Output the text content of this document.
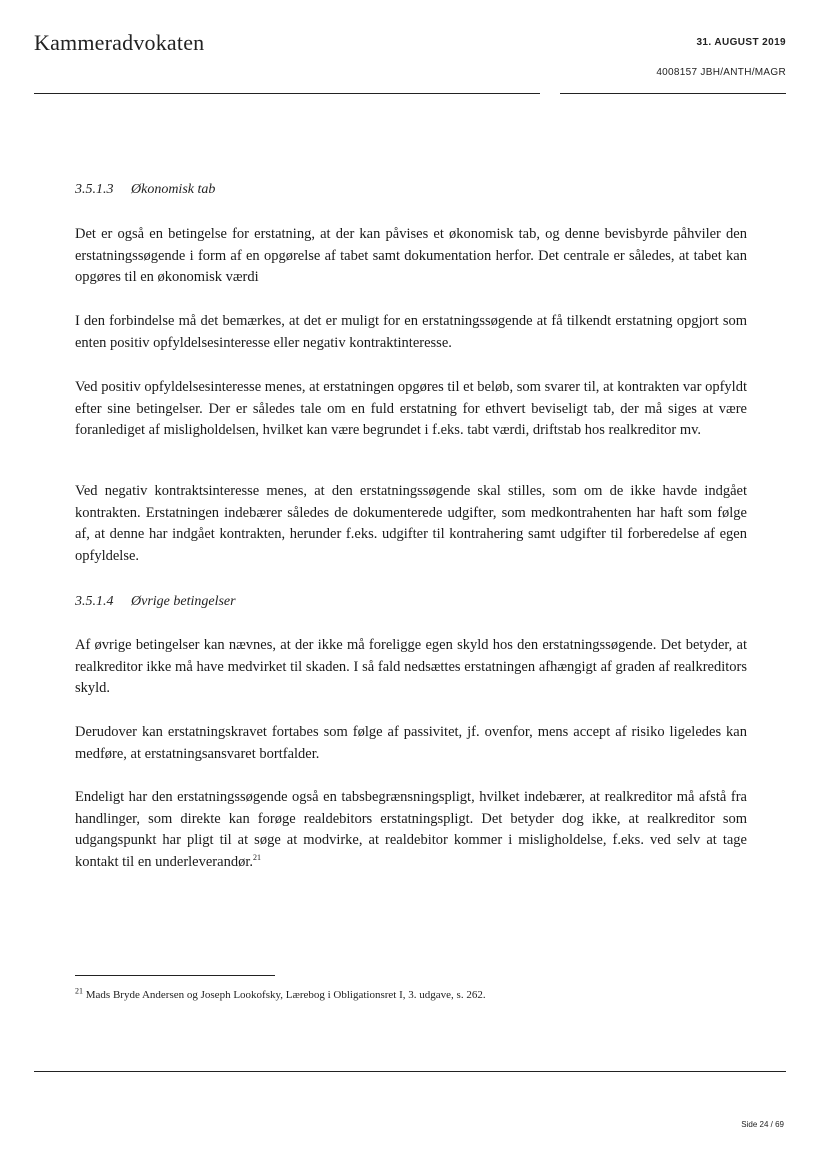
Kammeradvokaten	31. AUGUST 2019
4008157 JBH/ANTH/MAGR
3.5.1.3 Økonomisk tab

Det er også en betingelse for erstatning, at der kan påvises et økonomisk tab, og denne bevisbyrde påhviler den erstatningssøgende i form af en opgørelse af tabet samt dokumentation herfor. Det centrale er således, at tabet kan opgøres til en økonomisk værdi

I den forbindelse må det bemærkes, at det er muligt for en erstatningssøgende at få tilkendt erstatning opgjort som enten positiv opfyldelsesinteresse eller negativ kontraktinteresse.

Ved positiv opfyldelsesinteresse menes, at erstatningen opgøres til et beløb, som svarer til, at kontrakten var opfyldt efter sine betingelser. Der er således tale om en fuld erstatning for ethvert beviseligt tab, der må siges at være foranlediget af misligholdelsen, hvilket kan være begrundet i f.eks. tabt værdi, driftstab hos realkreditor mv.

Ved negativ kontraktsinteresse menes, at den erstatningssøgende skal stilles, som om de ikke havde indgået kontrakten. Erstatningen indebærer således de dokumenterede udgifter, som medkontrahenten har haft som følge af, at denne har indgået kontrakten, herunder f.eks. udgifter til kontrahering samt udgifter til forberedelse af egen opfyldelse.

3.5.1.4 Øvrige betingelser

Af øvrige betingelser kan nævnes, at der ikke må foreligge egen skyld hos den erstatningssøgende. Det betyder, at realkreditor ikke må have medvirket til skaden. I så fald nedsættes erstatningen afhængigt af graden af realkreditors skyld.

Derudover kan erstatningskravet fortabes som følge af passivitet, jf. ovenfor, mens accept af risiko ligeledes kan medføre, at erstatningsansvaret bortfalder.

Endeligt har den erstatningssøgende også en tabsbegrænsningspligt, hvilket indebærer, at realkreditor må afstå fra handlinger, som direkte kan forøge realdebitors erstatningspligt. Det betyder dog ikke, at realkreditor som udgangspunkt har pligt til at søge at modvirke, at realdebitor kommer i misligholdelse, f.eks. ved selv at tage kontakt til en underleverandør.$^{21}$

$^{21}$ Mads Bryde Andersen og Joseph Lookofsky, Lærebog i Obligationsret I, 3. udgave, s. 262.
Side 24 / 69
